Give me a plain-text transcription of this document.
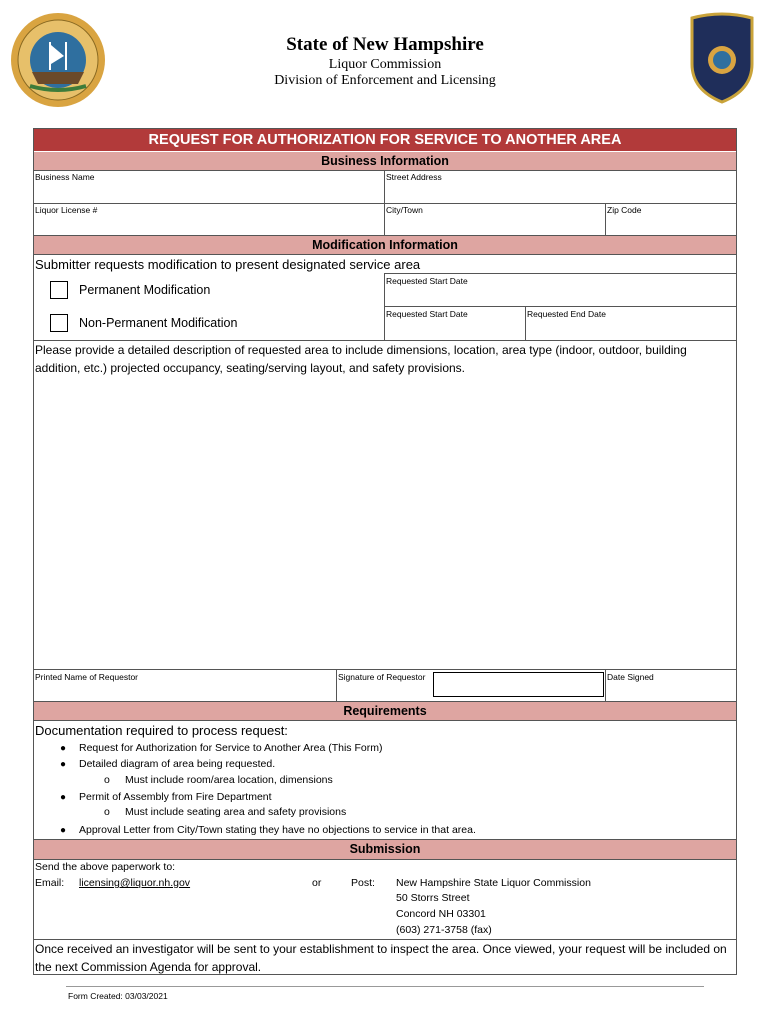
State of New Hampshire
Liquor Commission
Division of Enforcement and Licensing
REQUEST FOR AUTHORIZATION FOR SERVICE TO ANOTHER AREA
Business Information
Business Name	Street Address
Liquor License #	City/Town	Zip Code
Modification Information
Submitter requests modification to present designated service area
Permanent Modification
Requested Start Date
Non-Permanent Modification
Requested Start Date	Requested End Date
Please provide a detailed description of requested area to include dimensions, location, area type (indoor, outdoor, building addition, etc.) projected occupancy, seating/serving layout, and safety provisions.
Printed Name of Requestor	Signature of Requestor	Date Signed
Requirements
Documentation required to process request:
● Request for Authorization for Service to Another Area (This Form)
● Detailed diagram of area being requested.
o Must include room/area location, dimensions
● Permit of Assembly from Fire Department
o Must include seating area and safety provisions
● Approval Letter from City/Town stating they have no objections to service in that area.
Submission
Send the above paperwork to:
Email: licensing@liquor.nh.gov	or	Post: New Hampshire State Liquor Commission
50 Storrs Street
Concord NH 03301
(603) 271-3758 (fax)
Once received an investigator will be sent to your establishment to inspect the area. Once viewed, your request will be included on the next Commission Agenda for approval.
Form Created: 03/03/2021
